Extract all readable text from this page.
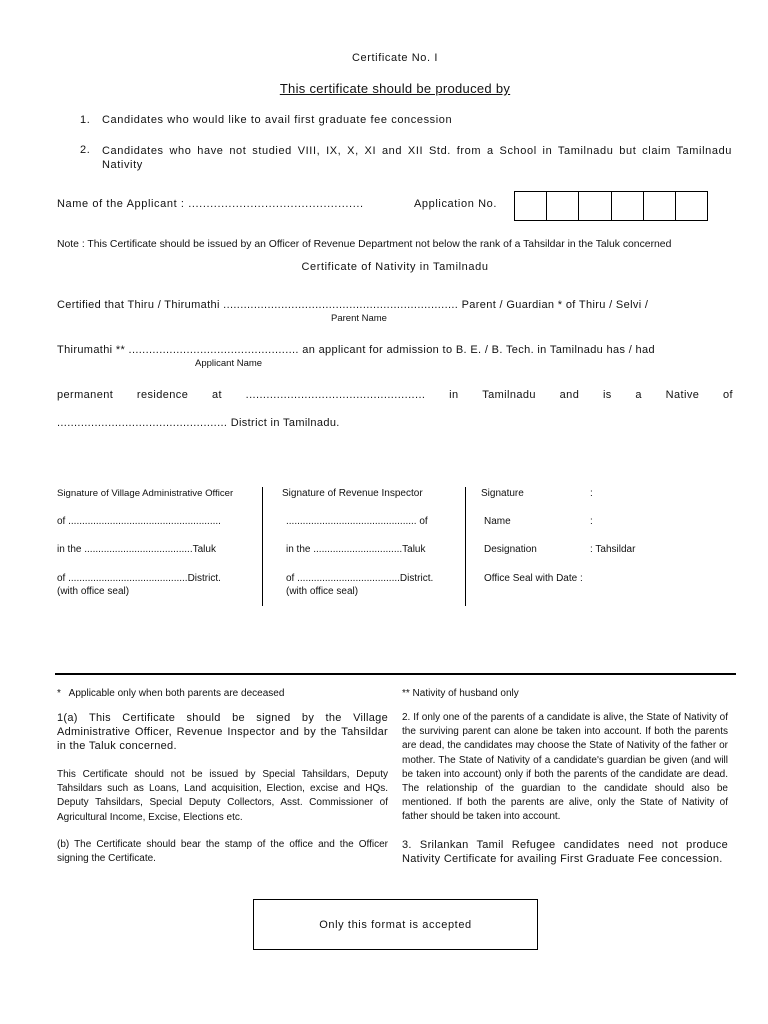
Certificate No. I
This certificate should be produced by
1. Candidates who would like to avail first graduate fee concession
2. Candidates who have not studied VIII, IX, X, XI and XII Std. from a School in Tamilnadu but claim Tamilnadu Nativity
Name of the Applicant : ................................................	Application No.
Note : This Certificate should be issued by an Officer of Revenue Department not below the rank of a Tahsildar in the Taluk concerned
Certificate of Nativity in Tamilnadu
Certified that Thiru / Thirumathi ..................................................................... Parent / Guardian * of Thiru / Selvi /
Parent Name
Thirumathi ** .................................................. an applicant for admission to B. E. / B. Tech. in Tamilnadu has / had
Applicant Name
permanent residence at .................................................... in Tamilnadu and is a Native of
.................................................. District in Tamilnadu.
Signature of Village Administrative Officer
of .......................................................
in the .......................................Taluk
of ...........................................District.
(with office seal)
Signature of Revenue Inspector
............................................... of
in the ................................Taluk
of .....................................District.
(with office seal)
Signature	:
Name	:
Designation	: Tahsildar
Office Seal with Date :
*   Applicable only when both parents are deceased	** Nativity of husband only
1(a) This Certificate should be signed by the Village Administrative Officer, Revenue Inspector and by the Tahsildar in the Taluk concerned.
This Certificate should not be issued by Special Tahsildars, Deputy Tahsildars such as Loans, Land acquisition, Election, excise and HQs. Deputy Tahsildars, Special Deputy Collectors, Asst. Commissioner of Agricultural Income, Excise, Elections etc.
(b) The Certificate should bear the stamp of the office and the Officer signing the Certificate.
2. If only one of the parents of a candidate is alive, the State of Nativity of the surviving parent can alone be taken into account. If both the parents are dead, the candidates may choose the State of Nativity of the father or mother. The State of Nativity of a candidate's guardian be given (and will be taken into account) only if both the parents of the candidate are dead. The relationship of the guardian to the candidate should also be mentioned. If both the parents are alive, only the State of Nativity of father should be taken into account.
3. Srilankan Tamil Refugee candidates need not produce Nativity Certificate for availing First Graduate Fee concession.
Only this format is accepted
